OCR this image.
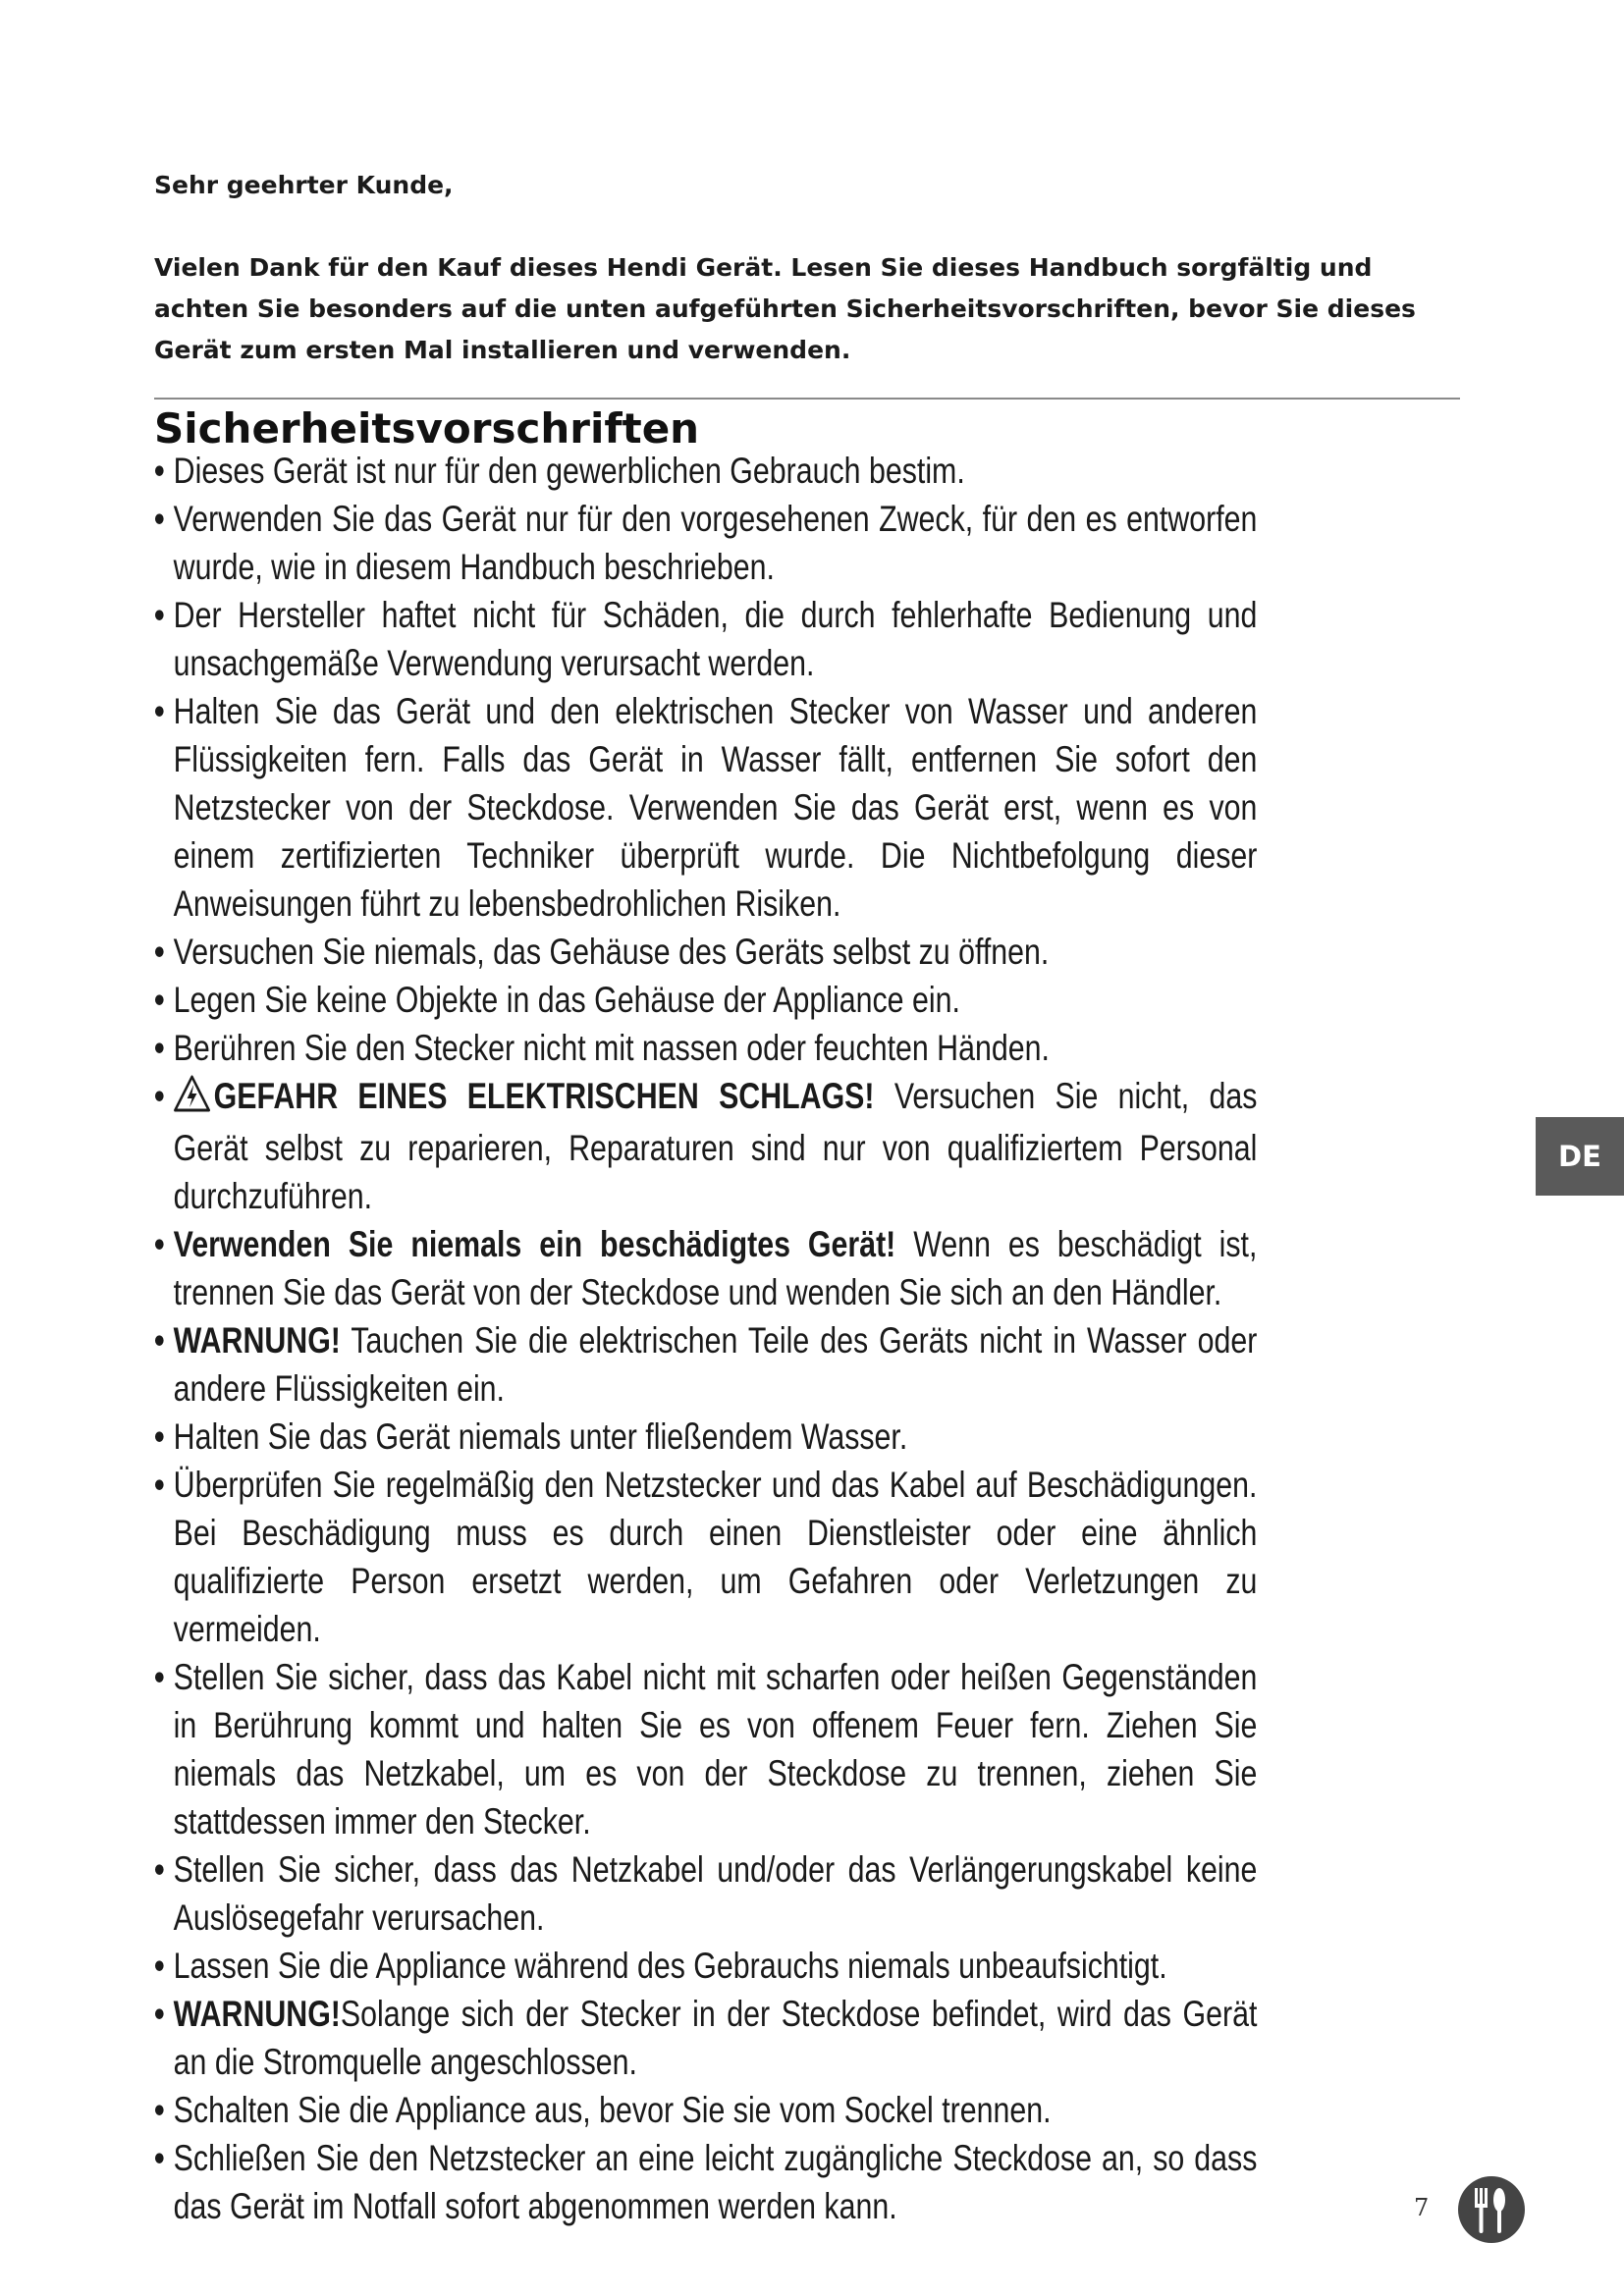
Sehr geehrter Kunde,
Vielen Dank für den Kauf dieses Hendi Gerät. Lesen Sie dieses Handbuch sorgfältig und achten Sie besonders auf die unten aufgeführten Sicherheitsvorschriften, bevor Sie dieses Gerät zum ersten Mal installieren und verwenden.
Sicherheitsvorschriften
• Dieses Gerät ist nur für den gewerblichen Gebrauch bestim.
• Verwenden Sie das Gerät nur für den vorgesehenen Zweck, für den es entworfen wurde, wie in diesem Handbuch beschrieben.
• Der Hersteller haftet nicht für Schäden, die durch fehlerhafte Bedienung und unsachgemäße Verwendung verursacht werden.
• Halten Sie das Gerät und den elektrischen Stecker von Wasser und anderen Flüssigkeiten fern. Falls das Gerät in Wasser fällt, entfernen Sie sofort den Netzstecker von der Steckdose. Verwenden Sie das Gerät erst, wenn es von einem zertifizierten Techniker überprüft wurde. Die Nichtbefolgung dieser Anweisungen führt zu lebensbedrohlichen Risiken.
• Versuchen Sie niemals, das Gehäuse des Geräts selbst zu öffnen.
• Legen Sie keine Objekte in das Gehäuse der Appliance ein.
• Berühren Sie den Stecker nicht mit nassen oder feuchten Händen.
• GEFAHR EINES ELEKTRISCHEN SCHLAGS! Versuchen Sie nicht, das Gerät selbst zu reparieren, Reparaturen sind nur von qualifiziertem Personal durchzuführen.
• Verwenden Sie niemals ein beschädigtes Gerät! Wenn es beschädigt ist, trennen Sie das Gerät von der Steckdose und wenden Sie sich an den Händler.
• WARNUNG! Tauchen Sie die elektrischen Teile des Geräts nicht in Wasser oder andere Flüssigkeiten ein.
• Halten Sie das Gerät niemals unter fließendem Wasser.
• Überprüfen Sie regelmäßig den Netzstecker und das Kabel auf Beschädigungen. Bei Beschädigung muss es durch einen Dienstleister oder eine ähnlich qualifizierte Person ersetzt werden, um Gefahren oder Verletzungen zu vermeiden.
• Stellen Sie sicher, dass das Kabel nicht mit scharfen oder heißen Gegenständen in Berührung kommt und halten Sie es von offenem Feuer fern. Ziehen Sie niemals das Netzkabel, um es von der Steckdose zu trennen, ziehen Sie stattdessen immer den Stecker.
• Stellen Sie sicher, dass das Netzkabel und/oder das Verlängerungskabel keine Auslösegefahr verursachen.
• Lassen Sie die Appliance während des Gebrauchs niemals unbeaufsichtigt.
• WARNUNG!Solange sich der Stecker in der Steckdose befindet, wird das Gerät an die Stromquelle angeschlossen.
• Schalten Sie die Appliance aus, bevor Sie sie vom Sockel trennen.
• Schließen Sie den Netzstecker an eine leicht zugängliche Steckdose an, so dass das Gerät im Notfall sofort abgenommen werden kann.
DE
7
